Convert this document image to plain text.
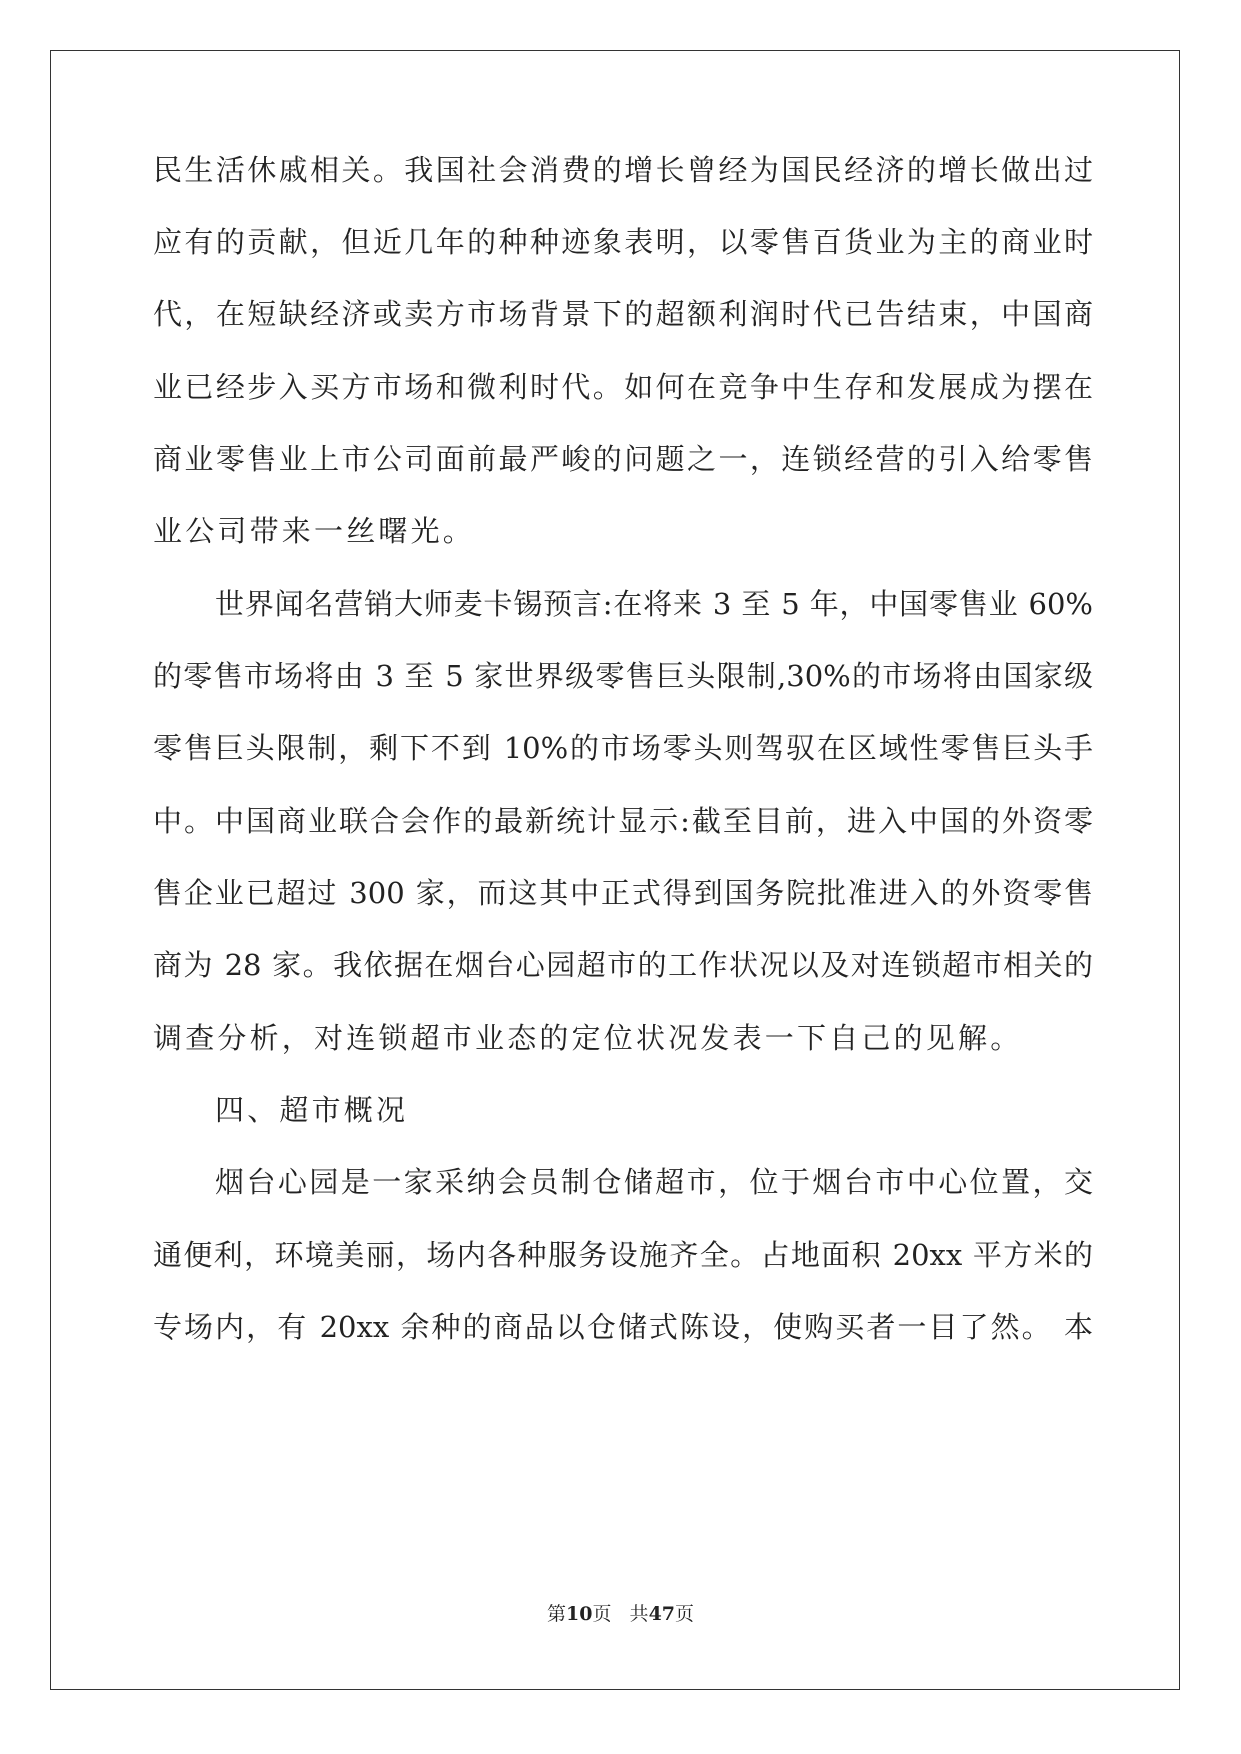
民生活休戚相关。我国社会消费的增长曾经为国民经济的增长做出过
应有的贡献，但近几年的种种迹象表明，以零售百货业为主的商业时
代，在短缺经济或卖方市场背景下的超额利润时代已告结束，中国商
业已经步入买方市场和微利时代。如何在竞争中生存和发展成为摆在
商业零售业上市公司面前最严峻的问题之一，连锁经营的引入给零售
业公司带来一丝曙光。
世界闻名营销大师麦卡锡预言:在将来 3 至 5 年，中国零售业 60%
的零售市场将由 3 至 5 家世界级零售巨头限制,30%的市场将由国家级
零售巨头限制，剩下不到 10%的市场零头则驾驭在区域性零售巨头手
中。中国商业联合会作的最新统计显示:截至目前，进入中国的外资零
售企业已超过 300 家，而这其中正式得到国务院批准进入的外资零售
商为 28 家。我依据在烟台心园超市的工作状况以及对连锁超市相关的
调查分析，对连锁超市业态的定位状况发表一下自己的见解。
四、超市概况
烟台心园是一家采纳会员制仓储超市，位于烟台市中心位置，交
通便利，环境美丽，场内各种服务设施齐全。占地面积 20xx 平方米的
专场内，有 20xx 余种的商品以仓储式陈设，使购买者一目了然。 本
第10页   共47页
